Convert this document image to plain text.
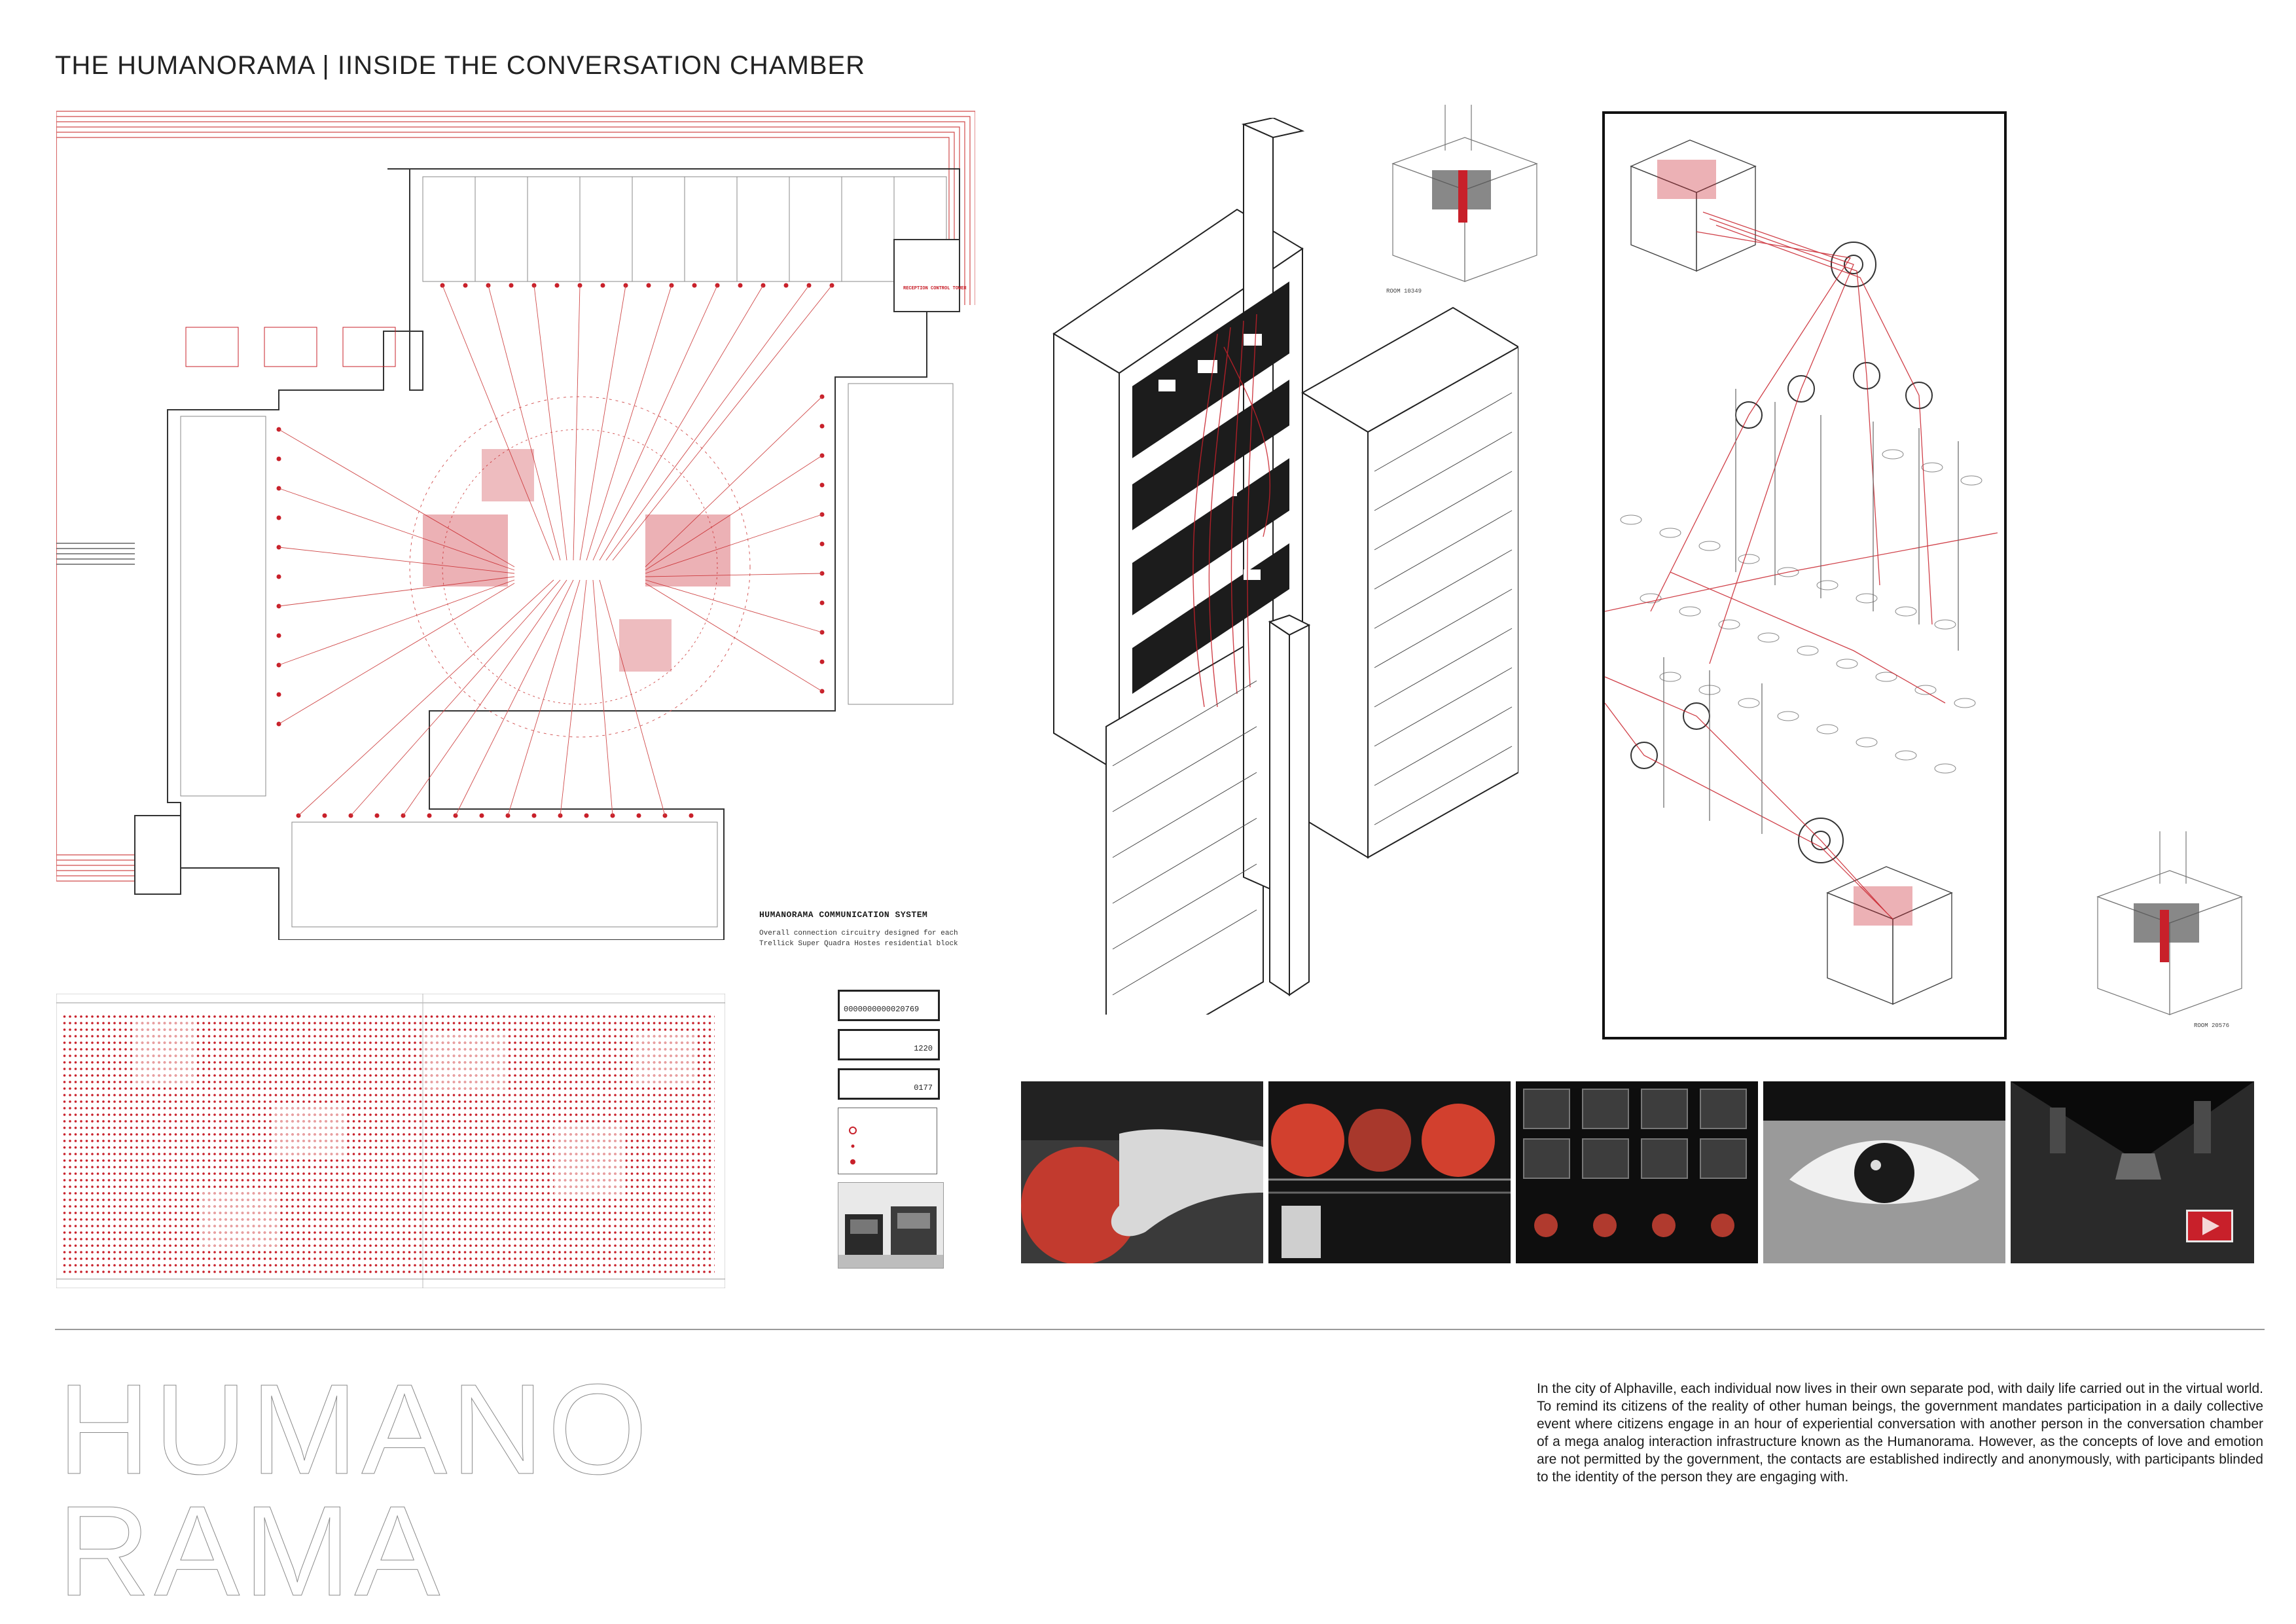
THE HUMANORAMA | IINSIDE THE CONVERSATION CHAMBER
RECEPTION CONTROL TOWER
HUMANORAMA COMMUNICATION SYSTEM
Overall connection circuitry designed for each
Trellick Super Quadra Hostes residential block
0000000000020769
1220
0177
ROOM 10349
ROOM 20576
HUMANO
RAMA
In the city of Alphaville, each individual now lives in their own separate pod, with daily life carried out in the virtual world. To remind its citizens of the reality of other human beings, the government mandates participation in a daily collective event where citizens engage in an hour of experiential conversation with another person in the conversation chamber of a mega analog interaction infrastructure known as the Humanorama. However, as the concepts of love and emotion are not permitted by the government, the contacts are established indirectly and anonymously, with participants blinded to the identity of the person they are engaging with.
